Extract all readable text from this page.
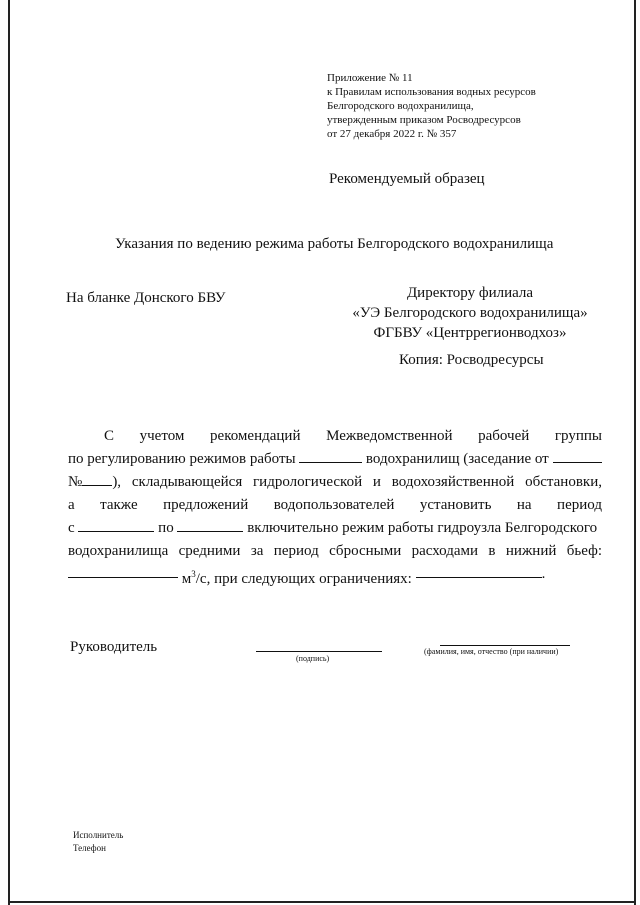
Приложение № 11
к Правилам использования водных ресурсов
Белгородского водохранилища,
утвержденным приказом Росводресурсов
от 27 декабря 2022 г. № 357
Рекомендуемый образец
Указания по ведению режима работы Белгородского водохранилища
На бланке Донского БВУ	Директору филиала
«УЭ Белгородского водохранилища»
ФГБВУ «Центррегионводхоз»
Копия: Росводресурсы
С учетом рекомендаций Межведомственной рабочей группы
по регулированию режимов работы

	водохранилищ (заседание от

№ ), складывающейся гидрологической и водохозяйственной обстановки,
а также предложений водопользователей установить на период
с

	по

	включительно режим работы гидроузла Белгородского
водохранилища средними за период сбросными расходами в нижний бьеф:

$м^3/с$, при следующих ограничениях:
	.
Руководитель
(подпись)
(фамилия, имя, отчество (при наличии)
Исполнитель
Телефон
